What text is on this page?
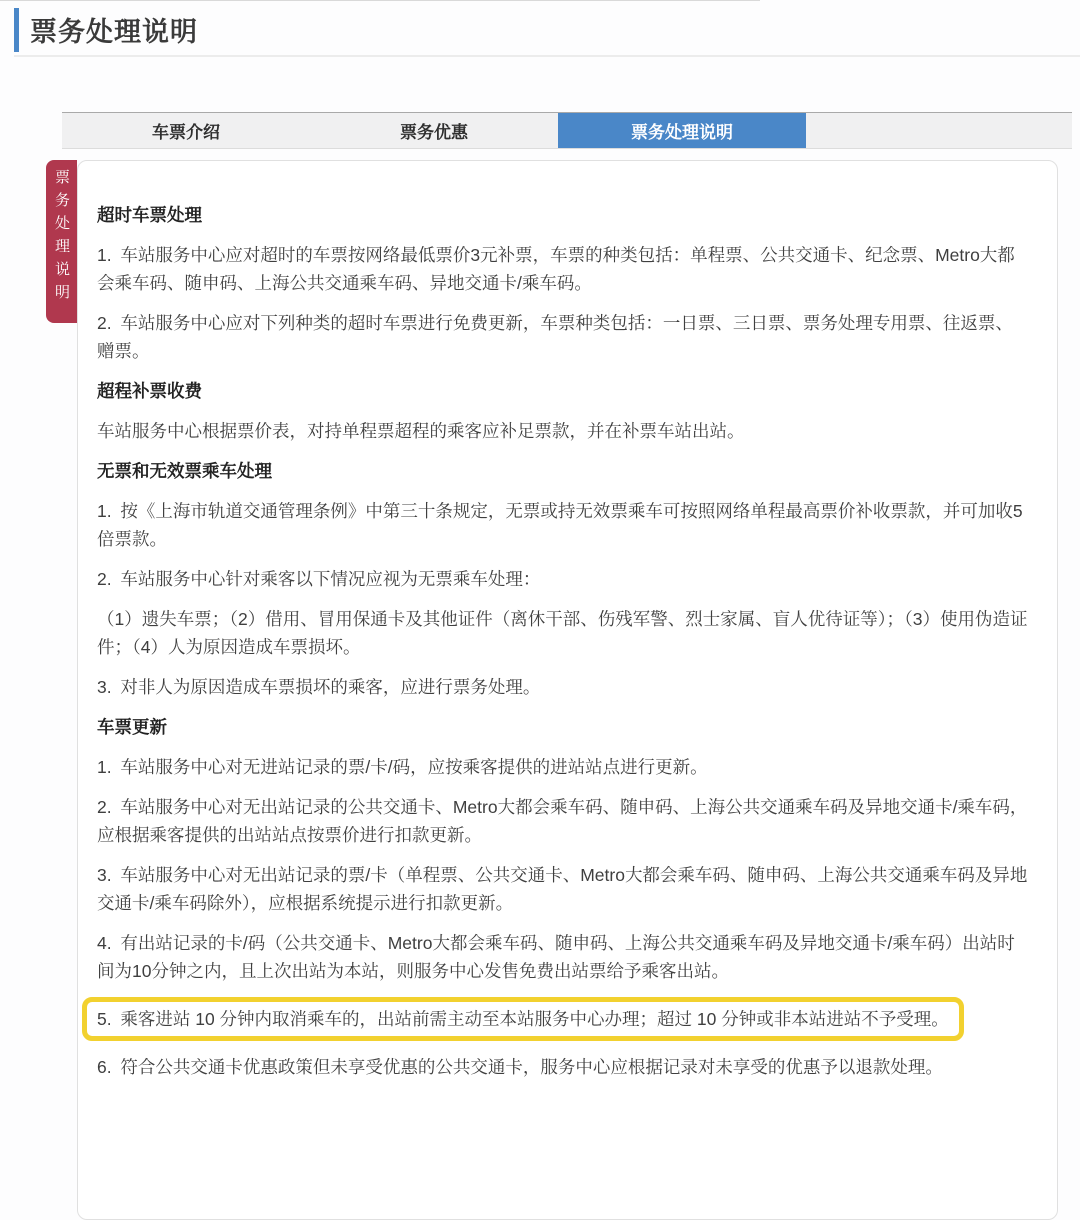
票务处理说明
车票介绍	票务优惠	票务处理说明
票务处理说明 超时车票处理

1. 车站服务中心应对超时的车票按网络最低票价3元补票，车票的种类包括：单程票、公共交通卡、纪念票、Metro大都会乘车码、随申码、上海公共交通乘车码、异地交通卡/乘车码。

2. 车站服务中心应对下列种类的超时车票进行免费更新，车票种类包括：一日票、三日票、票务处理专用票、往返票、赠票。

超程补票收费

车站服务中心根据票价表，对持单程票超程的乘客应补足票款，并在补票车站出站。

无票和无效票乘车处理

1. 按《上海市轨道交通管理条例》中第三十条规定，无票或持无效票乘车可按照网络单程最高票价补收票款，并可加收5倍票款。

2. 车站服务中心针对乘客以下情况应视为无票乘车处理：

（1）遗失车票；（2）借用、冒用保通卡及其他证件（离休干部、伤残军警、烈士家属、盲人优待证等）；（3）使用伪造证件；（4）人为原因造成车票损坏。

3. 对非人为原因造成车票损坏的乘客，应进行票务处理。

车票更新

1. 车站服务中心对无进站记录的票/卡/码，应按乘客提供的进站站点进行更新。

2. 车站服务中心对无出站记录的公共交通卡、Metro大都会乘车码、随申码、上海公共交通乘车码及异地交通卡/乘车码，应根据乘客提供的出站站点按票价进行扣款更新。

3. 车站服务中心对无出站记录的票/卡（单程票、公共交通卡、Metro大都会乘车码、随申码、上海公共交通乘车码及异地交通卡/乘车码除外），应根据系统提示进行扣款更新。

4. 有出站记录的卡/码（公共交通卡、Metro大都会乘车码、随申码、上海公共交通乘车码及异地交通卡/乘车码）出站时间为10分钟之内，且上次出站为本站，则服务中心发售免费出站票给予乘客出站。

5. 乘客进站 10 分钟内取消乘车的，出站前需主动至本站服务中心办理；超过 10 分钟或非本站进站不予受理。

6. 符合公共交通卡优惠政策但未享受优惠的公共交通卡，服务中心应根据记录对未享受的优惠予以退款处理。
